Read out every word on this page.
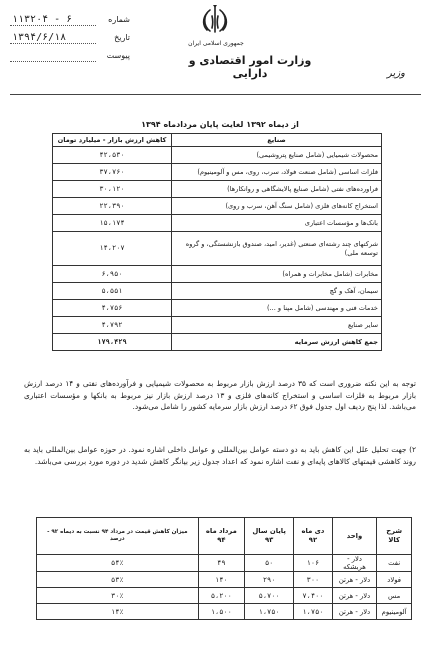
جمهوری اسلامی ایران
وزارت امور اقتصادی و دارایی	وزیر
شماره
۱۱۳۲۰۴ - ۶
تاریخ
۱۳۹۴/۶/۱۸
پیوست
از دیماه ۱۳۹۲ لغایت پایان مردادماه ۱۳۹۴
صنایع	کاهش ارزش بازار - میلیارد تومان
محصولات شیمیایی (شامل صنایع پتروشیمی)	۴۲،۵۳۰
فلزات اساسی (شامل صنعت فولاد، سرب، روی، مس و آلومینیوم)	۳۷،۷۶۰
فراورده‌های نفتی (شامل صنایع پالایشگاهی و روانکارها)	۳۰،۱۲۰
استخراج کانه‌های فلزی (شامل سنگ آهن، سرب و روی)	۲۲،۳۹۰
بانک‌ها و مؤسسات اعتباری	۱۵،۱۷۴
شرکتهای چند رشته‌ای صنعتی (غدیر، امید، صندوق بازنشستگی، و گروه توسعه ملی)	۱۴،۲۰۷
مخابرات (شامل مخابرات و همراه)	۶،۹۵۰
سیمان، آهک و گچ	۵،۵۵۱
خدمات فنی و مهندسی (شامل مپنا و ...)	۴،۷۵۶
سایر صنایع	۴،۷۹۲
جمع کاهش ارزش سرمایه	۱۷۹،۴۲۹
توجه به این نکته ضروری است که ۳۵ درصد ارزش بازار مربوط به محصولات شیمیایی و فرآورده‌های نفتی و ۱۴ درصد ارزش بازار مربوط به فلزات اساسی و استخراج کانه‌های فلزی و ۱۳ درصد ارزش بازار نیز مربوط به بانکها و مؤسسات اعتباری می‌باشد. لذا پنج ردیف اول جدول فوق ۶۲ درصد ارزش بازار سرمایه کشور را شامل می‌شود.
۲) جهت تحلیل علل این کاهش باید به دو دسته عوامل بین‌المللی و عوامل داخلی اشاره نمود. در حوزه عوامل بین‌المللی باید به روند کاهشی قیمتهای کالاهای پایه‌ای و نفت اشاره نمود که اعداد جدول زیر بیانگر کاهش شدید در دوره مورد بررسی می‌باشد.
شرح کالا	واحد	دی ماه ۹۲	پایان سال ۹۳	مرداد ماه ۹۴	میزان کاهش قیمت در مرداد ۹۴ نسبت به دیماه ۹۲ - درصد
نفت	دلار - هربشکه	۱۰۶	۵۰	۴۹	۵۴٪
فولاد	دلار - هرتن	۳۰۰	۲۹۰	۱۴۰	۵۳٪
مس	دلار - هرتن	۷،۴۰۰	۵،۷۰۰	۵،۲۰۰	۳۰٪
آلومینیوم	دلار - هرتن	۱،۷۵۰	۱،۷۵۰	۱،۵۰۰	۱۴٪
